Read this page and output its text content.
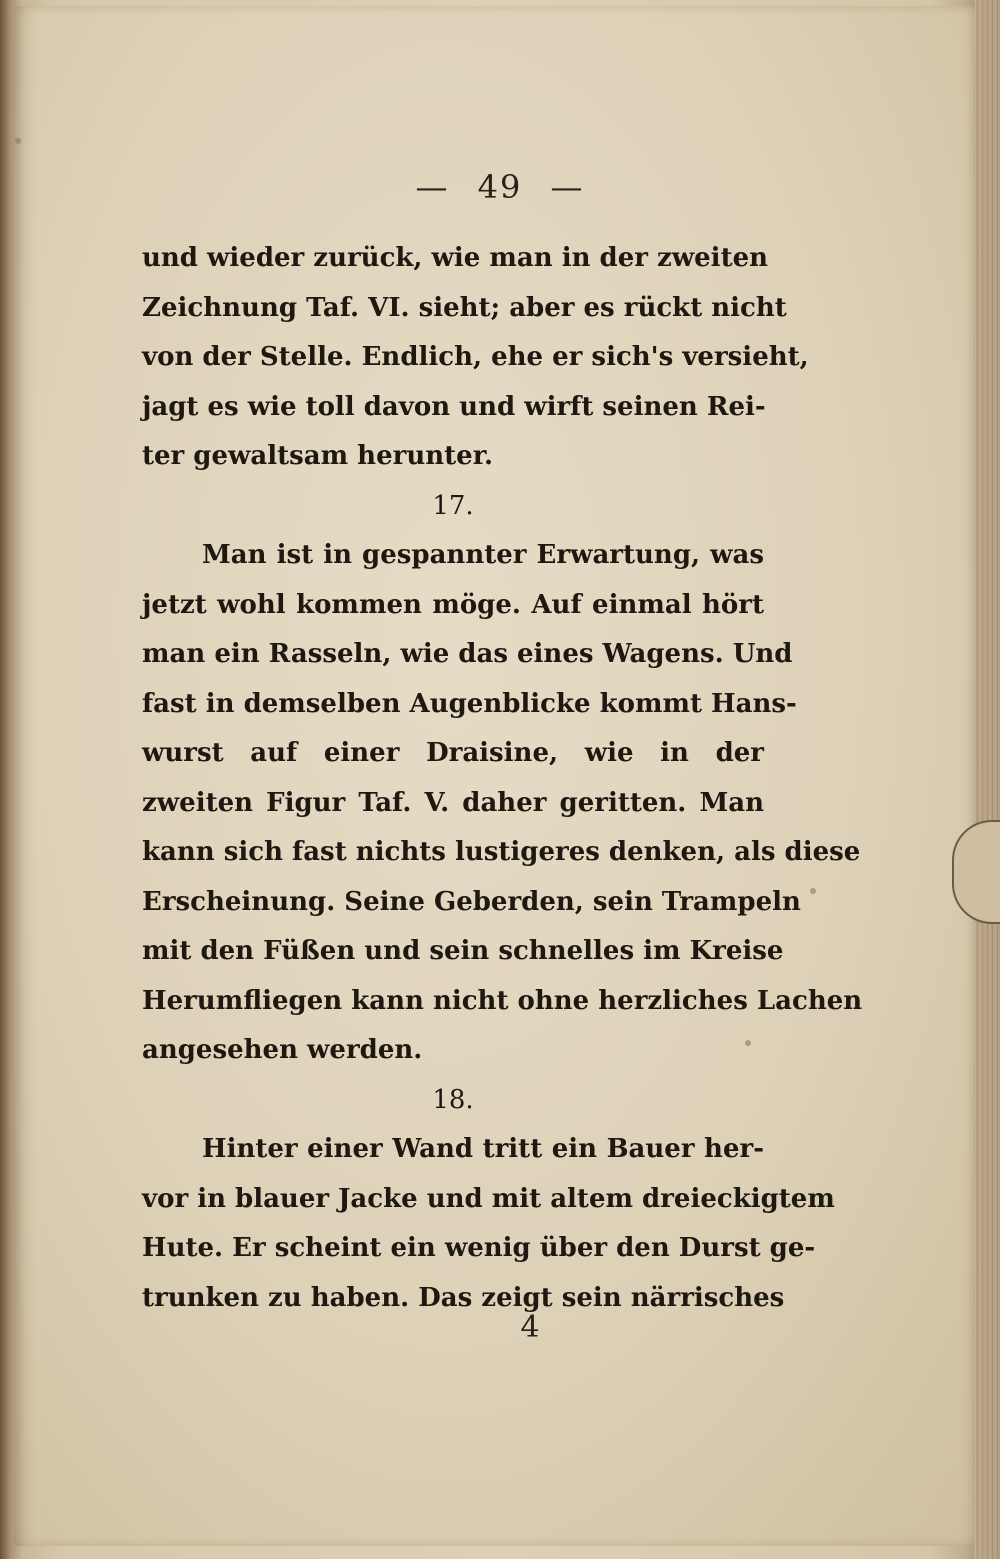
— 49 —
und wieder zurück, wie man in der zweiten
Zeichnung Taf. VI. sieht; aber es rückt nicht
von der Stelle. Endlich, ehe er sich's versieht,
jagt es wie toll davon und wirft seinen Rei-
ter gewaltsam herunter.
17.
Man ist in gespannter Erwartung, was
jetzt wohl kommen möge. Auf einmal hört
man ein Rasseln, wie das eines Wagens. Und
fast in demselben Augenblicke kommt Hans-
wurst auf einer Draisine, wie in der
zweiten Figur Taf. V. daher geritten. Man
kann sich fast nichts lustigeres denken, als diese
Erscheinung. Seine Geberden, sein Trampeln
mit den Füßen und sein schnelles im Kreise
Herumfliegen kann nicht ohne herzliches Lachen
angesehen werden.
18.
Hinter einer Wand tritt ein Bauer her-
vor in blauer Jacke und mit altem dreieckigtem
Hute. Er scheint ein wenig über den Durst ge-
trunken zu haben. Das zeigt sein närrisches
4
